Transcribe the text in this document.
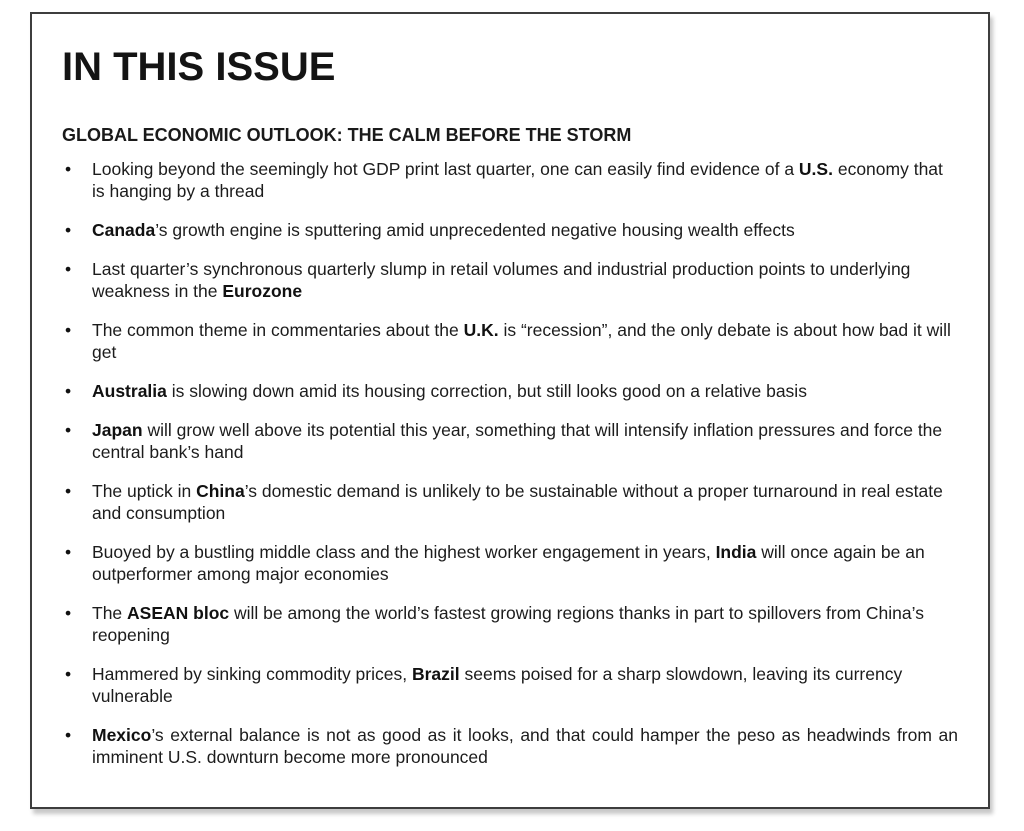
IN THIS ISSUE
GLOBAL ECONOMIC OUTLOOK: THE CALM BEFORE THE STORM
• Looking beyond the seemingly hot GDP print last quarter, one can easily find evidence of a U.S. economy that is hanging by a thread
• Canada’s growth engine is sputtering amid unprecedented negative housing wealth effects
• Last quarter’s synchronous quarterly slump in retail volumes and industrial production points to underlying weakness in the Eurozone
• The common theme in commentaries about the U.K. is “recession”, and the only debate is about how bad it will get
• Australia is slowing down amid its housing correction, but still looks good on a relative basis
• Japan will grow well above its potential this year, something that will intensify inflation pressures and force the central bank’s hand
• The uptick in China’s domestic demand is unlikely to be sustainable without a proper turnaround in real estate and consumption
• Buoyed by a bustling middle class and the highest worker engagement in years, India will once again be an outperformer among major economies
• The ASEAN bloc will be among the world’s fastest growing regions thanks in part to spillovers from China’s reopening
• Hammered by sinking commodity prices, Brazil seems poised for a sharp slowdown, leaving its currency vulnerable
• Mexico’s external balance is not as good as it looks, and that could hamper the peso as headwinds from an imminent U.S. downturn become more pronounced
